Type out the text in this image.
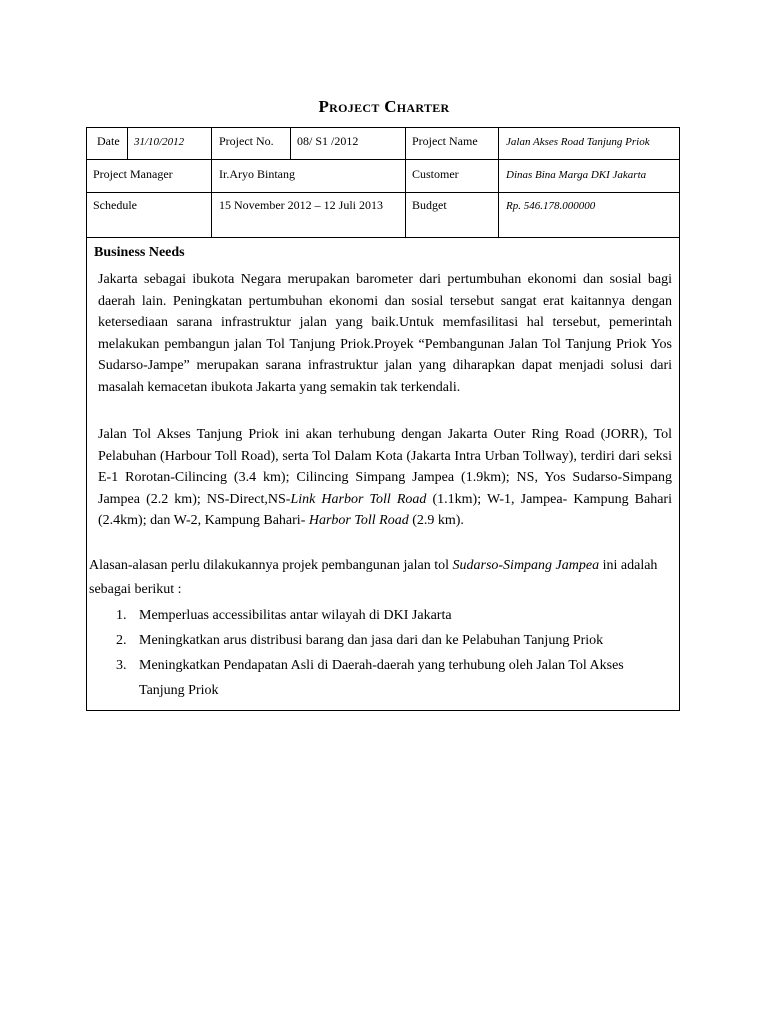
Project Charter
Date 31/10/2012	Project No. 08/ S1 /2012	Project Name	Jalan Akses Road Tanjung Priok
Project Manager	Ir.Aryo Bintang	Customer	Dinas Bina Marga DKI Jakarta
Schedule	15 November 2012 – 12 Juli 2013 Budget	Rp. 546.178.000000
Business Needs

Jakarta sebagai ibukota Negara merupakan barometer dari pertumbuhan ekonomi dan sosial bagi daerah lain. Peningkatan pertumbuhan ekonomi dan sosial tersebut sangat erat kaitannya dengan ketersediaan sarana infrastruktur jalan yang baik.Untuk memfasilitasi hal tersebut, pemerintah melakukan pembangun jalan Tol Tanjung Priok.Proyek “Pembangunan Jalan Tol Tanjung Priok Yos Sudarso-Jampe” merupakan sarana infrastruktur jalan yang diharapkan dapat menjadi solusi dari masalah kemacetan ibukota Jakarta yang semakin tak terkendali.

Jalan Tol Akses Tanjung Priok ini akan terhubung dengan Jakarta Outer Ring Road (JORR), Tol Pelabuhan (Harbour Toll Road), serta Tol Dalam Kota (Jakarta Intra Urban Tollway), terdiri dari seksi E-1 Rorotan-Cilincing (3.4 km); Cilincing Simpang Jampea (1.9km); NS, Yos Sudarso-Simpang Jampea (2.2 km); NS-Direct,NS-Link Harbor Toll Road (1.1km); W-1, Jampea- Kampung Bahari (2.4km); dan W-2, Kampung Bahari- Harbor Toll Road (2.9 km).

Alasan-alasan perlu dilakukannya projek pembangunan jalan tol Sudarso-Simpang Jampea ini adalah sebagai berikut :

1. Memperluas accessibilitas antar wilayah di DKI Jakarta
2. Meningkatkan arus distribusi barang dan jasa dari dan ke Pelabuhan Tanjung Priok
3. Meningkatkan Pendapatan Asli di Daerah-daerah yang terhubung oleh Jalan Tol Akses Tanjung Priok
